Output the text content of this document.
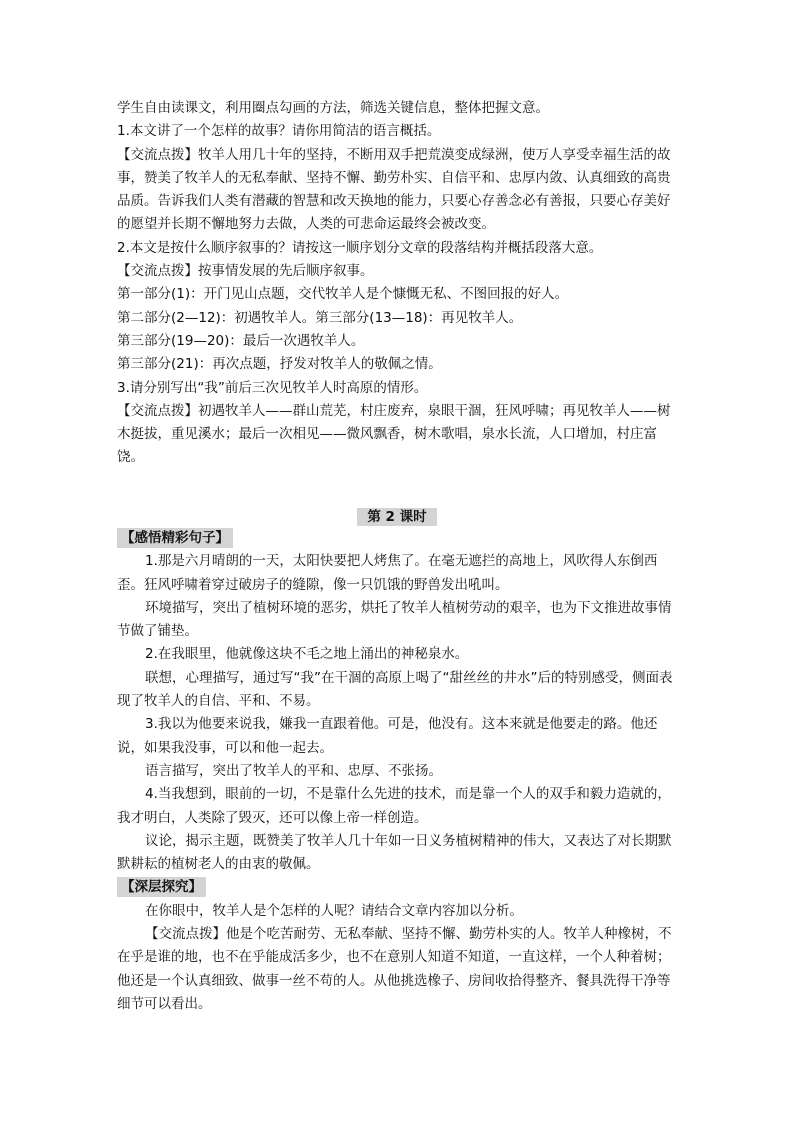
学生自由读课文，利用圈点勾画的方法，筛选关键信息，整体把握文意。

1.本文讲了一个怎样的故事？请你用简洁的语言概括。

【交流点拨】牧羊人用几十年的坚持，不断用双手把荒漠变成绿洲，使万人享受幸福生活的故事，赞美了牧羊人的无私奉献、坚持不懈、勤劳朴实、自信平和、忠厚内敛、认真细致的高贵品质。告诉我们人类有潜藏的智慧和改天换地的能力，只要心存善念必有善报，只要心存美好的愿望并长期不懈地努力去做，人类的可悲命运最终会被改变。

2.本文是按什么顺序叙事的？请按这一顺序划分文章的段落结构并概括段落大意。

【交流点拨】按事情发展的先后顺序叙事。

第一部分(1)：开门见山点题，交代牧羊人是个慷慨无私、不图回报的好人。

第二部分(2—12)：初遇牧羊人。第三部分(13—18)：再见牧羊人。

第三部分(19—20)：最后一次遇牧羊人。

第三部分(21)：再次点题，抒发对牧羊人的敬佩之情。

3.请分别写出“我”前后三次见牧羊人时高原的情形。

【交流点拨】初遇牧羊人——群山荒芜，村庄废弃，泉眼干涸，狂风呼啸；再见牧羊人——树木挺拔，重见溪水；最后一次相见——微风飘香，树木歌唱，泉水长流，人口增加，村庄富饶。

第 2 课时
【感悟精彩句子】

1.那是六月晴朗的一天，太阳快要把人烤焦了。在毫无遮拦的高地上，风吹得人东倒西歪。狂风呼啸着穿过破房子的缝隙，像一只饥饿的野兽发出吼叫。

环境描写，突出了植树环境的恶劣，烘托了牧羊人植树劳动的艰辛，也为下文推进故事情节做了铺垫。

2.在我眼里，他就像这块不毛之地上涌出的神秘泉水。

联想，心理描写，通过写“我”在干涸的高原上喝了“甜丝丝的井水”后的特别感受，侧面表现了牧羊人的自信、平和、不易。

3.我以为他要来说我，嫌我一直跟着他。可是，他没有。这本来就是他要走的路。他还说，如果我没事，可以和他一起去。

语言描写，突出了牧羊人的平和、忠厚、不张扬。

4.当我想到，眼前的一切，不是靠什么先进的技术，而是靠一个人的双手和毅力造就的，我才明白，人类除了毁灭，还可以像上帝一样创造。

议论，揭示主题，既赞美了牧羊人几十年如一日义务植树精神的伟大，又表达了对长期默默耕耘的植树老人的由衷的敬佩。

【深层探究】

在你眼中，牧羊人是个怎样的人呢？请结合文章内容加以分析。

【交流点拨】他是个吃苦耐劳、无私奉献、坚持不懈、勤劳朴实的人。牧羊人种橡树，不在乎是谁的地，也不在乎能成活多少，也不在意别人知道不知道，一直这样，一个人种着树；他还是一个认真细致、做事一丝不苟的人。从他挑选橡子、房间收拾得整齐、餐具洗得干净等细节可以看出。
